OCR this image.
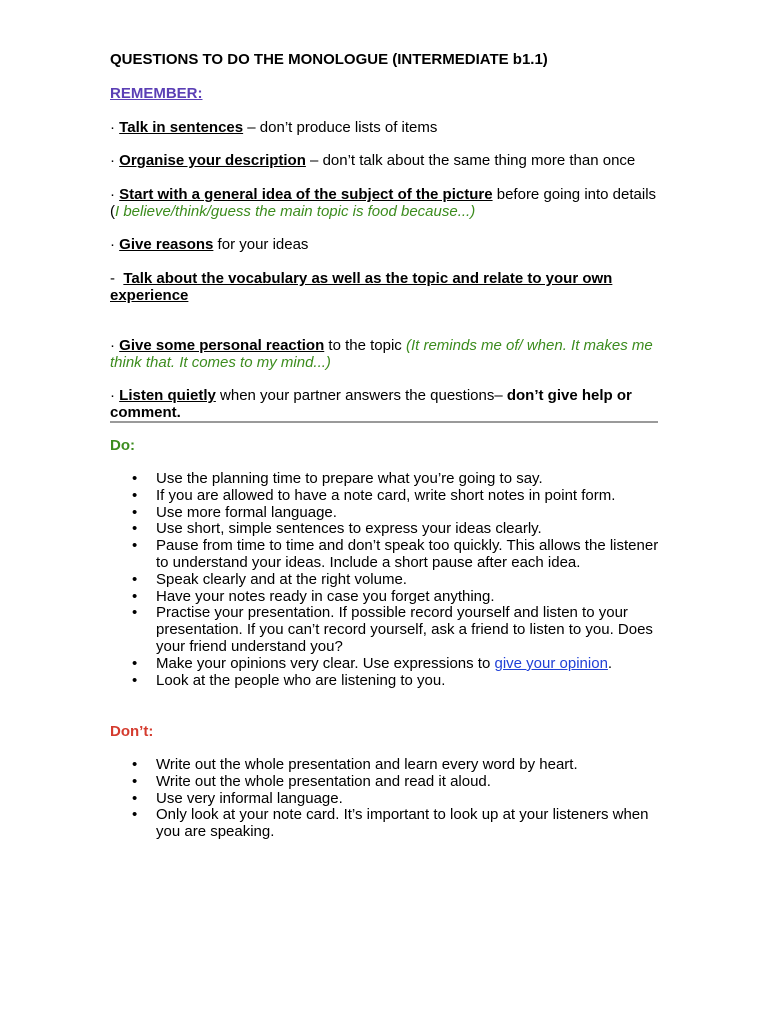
QUESTIONS TO DO THE MONOLOGUE (INTERMEDIATE b1.1)
REMEMBER:
· Talk in sentences – don’t produce lists of items
· Organise your description – don’t talk about the same thing more than once
· Start with a general idea of the subject of the picture before going into details (I believe/think/guess the main topic is food because...)
· Give reasons for your ideas
- Talk about the vocabulary as well as the topic and relate to your own experience
· Give some personal reaction to the topic (It reminds me of/ when. It makes me think that. It comes to my mind...)
· Listen quietly when your partner answers the questions– don’t give help or comment.
Do:
• Use the planning time to prepare what you’re going to say.
• If you are allowed to have a note card, write short notes in point form.
• Use more formal language.
• Use short, simple sentences to express your ideas clearly.
• Pause from time to time and don’t speak too quickly. This allows the listener to understand your ideas. Include a short pause after each idea.
• Speak clearly and at the right volume.
• Have your notes ready in case you forget anything.
• Practise your presentation. If possible record yourself and listen to your presentation. If you can’t record yourself, ask a friend to listen to you. Does your friend understand you?
• Make your opinions very clear. Use expressions to give your opinion.
• Look at the people who are listening to you.
Don’t:
• Write out the whole presentation and learn every word by heart.
• Write out the whole presentation and read it aloud.
• Use very informal language.
• Only look at your note card. It’s important to look up at your listeners when you are speaking.
